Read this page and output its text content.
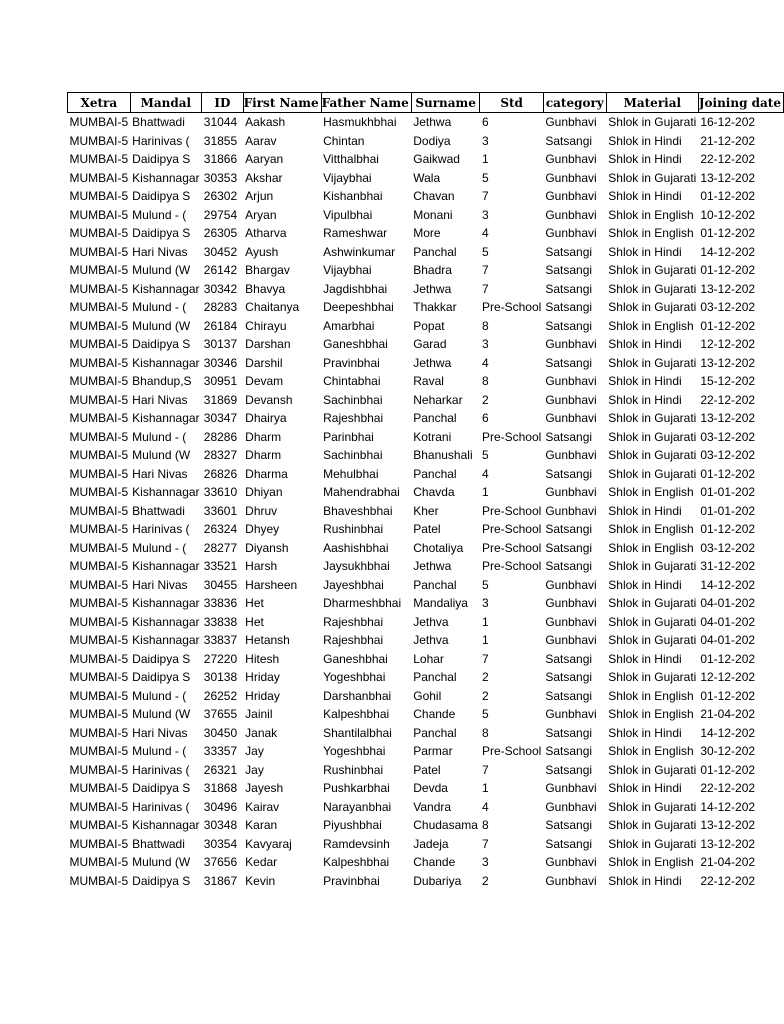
Xetra	Mandal	ID	First Name	Father Name	Surname	Std	category	Material	Joining date
MUMBAI-5	Bhattwadi	31044	Aakash	Hasmukhbhai	Jethwa	6	Gunbhavi	Shlok in Gujarati	16-12-202
MUMBAI-5	Harinivas (	31855	Aarav	Chintan	Dodiya	3	Satsangi	Shlok in Hindi	21-12-202
MUMBAI-5	Daidipya S	31866	Aaryan	Vitthalbhai	Gaikwad	1	Gunbhavi	Shlok in Hindi	22-12-202
MUMBAI-5	Kishannagar	30353	Akshar	Vijaybhai	Wala	5	Gunbhavi	Shlok in Gujarati	13-12-202
MUMBAI-5	Daidipya S	26302	Arjun	Kishanbhai	Chavan	7	Gunbhavi	Shlok in Hindi	01-12-202
MUMBAI-5	Mulund - (	29754	Aryan	Vipulbhai	Monani	3	Gunbhavi	Shlok in English	10-12-202
MUMBAI-5	Daidipya S	26305	Atharva	Rameshwar	More	4	Gunbhavi	Shlok in English	01-12-202
MUMBAI-5	Hari Nivas	30452	Ayush	Ashwinkumar	Panchal	5	Satsangi	Shlok in Hindi	14-12-202
MUMBAI-5	Mulund (W	26142	Bhargav	Vijaybhai	Bhadra	7	Satsangi	Shlok in Gujarati	01-12-202
MUMBAI-5	Kishannagar	30342	Bhavya	Jagdishbhai	Jethwa	7	Satsangi	Shlok in Gujarati	13-12-202
MUMBAI-5	Mulund - (	28283	Chaitanya	Deepeshbhai	Thakkar	Pre-School	Satsangi	Shlok in Gujarati	03-12-202
MUMBAI-5	Mulund (W	26184	Chirayu	Amarbhai	Popat	8	Satsangi	Shlok in English	01-12-202
MUMBAI-5	Daidipya S	30137	Darshan	Ganeshbhai	Garad	3	Gunbhavi	Shlok in Hindi	12-12-202
MUMBAI-5	Kishannagar	30346	Darshil	Pravinbhai	Jethwa	4	Satsangi	Shlok in Gujarati	13-12-202
MUMBAI-5	Bhandup,S	30951	Devam	Chintabhai	Raval	8	Gunbhavi	Shlok in Hindi	15-12-202
MUMBAI-5	Hari Nivas	31869	Devansh	Sachinbhai	Neharkar	2	Gunbhavi	Shlok in Hindi	22-12-202
MUMBAI-5	Kishannagar	30347	Dhairya	Rajeshbhai	Panchal	6	Gunbhavi	Shlok in Gujarati	13-12-202
MUMBAI-5	Mulund - (	28286	Dharm	Parinbhai	Kotrani	Pre-School	Satsangi	Shlok in Gujarati	03-12-202
MUMBAI-5	Mulund (W	28327	Dharm	Sachinbhai	Bhanushali	5	Gunbhavi	Shlok in Gujarati	03-12-202
MUMBAI-5	Hari Nivas	26826	Dharma	Mehulbhai	Panchal	4	Satsangi	Shlok in Gujarati	01-12-202
MUMBAI-5	Kishannagar	33610	Dhiyan	Mahendrabhai	Chavda	1	Gunbhavi	Shlok in English	01-01-202
MUMBAI-5	Bhattwadi	33601	Dhruv	Bhaveshbhai	Kher	Pre-School	Gunbhavi	Shlok in Hindi	01-01-202
MUMBAI-5	Harinivas (	26324	Dhyey	Rushinbhai	Patel	Pre-School	Satsangi	Shlok in English	01-12-202
MUMBAI-5	Mulund - (	28277	Diyansh	Aashishbhai	Chotaliya	Pre-School	Satsangi	Shlok in English	03-12-202
MUMBAI-5	Kishannagar	33521	Harsh	Jaysukhbhai	Jethwa	Pre-School	Satsangi	Shlok in Gujarati	31-12-202
MUMBAI-5	Hari Nivas	30455	Harsheen	Jayeshbhai	Panchal	5	Gunbhavi	Shlok in Hindi	14-12-202
MUMBAI-5	Kishannagar	33836	Het	Dharmeshbhai	Mandaliya	3	Gunbhavi	Shlok in Gujarati	04-01-202
MUMBAI-5	Kishannagar	33838	Het	Rajeshbhai	Jethva	1	Gunbhavi	Shlok in Gujarati	04-01-202
MUMBAI-5	Kishannagar	33837	Hetansh	Rajeshbhai	Jethva	1	Gunbhavi	Shlok in Gujarati	04-01-202
MUMBAI-5	Daidipya S	27220	Hitesh	Ganeshbhai	Lohar	7	Satsangi	Shlok in Hindi	01-12-202
MUMBAI-5	Daidipya S	30138	Hriday	Yogeshbhai	Panchal	2	Satsangi	Shlok in Gujarati	12-12-202
MUMBAI-5	Mulund - (	26252	Hriday	Darshanbhai	Gohil	2	Satsangi	Shlok in English	01-12-202
MUMBAI-5	Mulund (W	37655	Jainil	Kalpeshbhai	Chande	5	Gunbhavi	Shlok in English	21-04-202
MUMBAI-5	Hari Nivas	30450	Janak	Shantilalbhai	Panchal	8	Satsangi	Shlok in Hindi	14-12-202
MUMBAI-5	Mulund - (	33357	Jay	Yogeshbhai	Parmar	Pre-School	Satsangi	Shlok in English	30-12-202
MUMBAI-5	Harinivas (	26321	Jay	Rushinbhai	Patel	7	Satsangi	Shlok in Gujarati	01-12-202
MUMBAI-5	Daidipya S	31868	Jayesh	Pushkarbhai	Devda	1	Gunbhavi	Shlok in Hindi	22-12-202
MUMBAI-5	Harinivas (	30496	Kairav	Narayanbhai	Vandra	4	Gunbhavi	Shlok in Gujarati	14-12-202
MUMBAI-5	Kishannagar	30348	Karan	Piyushbhai	Chudasama	8	Satsangi	Shlok in Gujarati	13-12-202
MUMBAI-5	Bhattwadi	30354	Kavyaraj	Ramdevsinh	Jadeja	7	Satsangi	Shlok in Gujarati	13-12-202
MUMBAI-5	Mulund (W	37656	Kedar	Kalpeshbhai	Chande	3	Gunbhavi	Shlok in English	21-04-202
MUMBAI-5	Daidipya S	31867	Kevin	Pravinbhai	Dubariya	2	Gunbhavi	Shlok in Hindi	22-12-202
